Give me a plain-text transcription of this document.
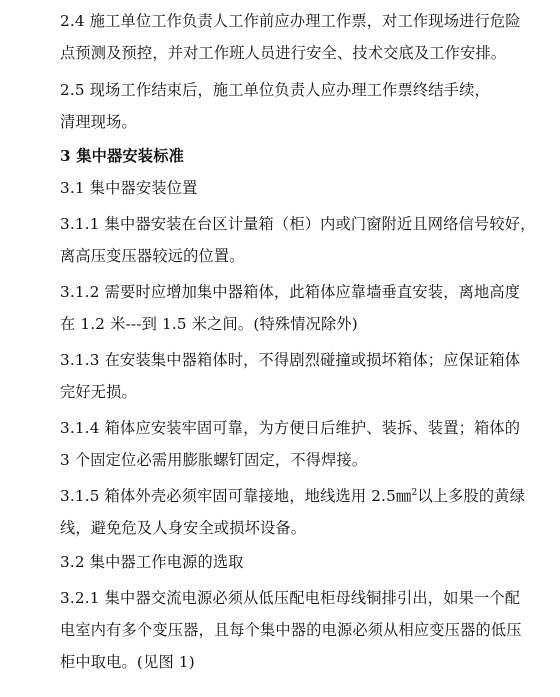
2.4 施工单位工作负责人工作前应办理工作票，对工作现场进行危险
点预测及预控，并对工作班人员进行安全、技术交底及工作安排。
2.5 现场工作结束后，施工单位负责人应办理工作票终结手续，
清理现场。
3 集中器安装标准
3.1 集中器安装位置
3.1.1 集中器安装在台区计量箱（柜）内或门窗附近且网络信号较好，
离高压变压器较远的位置。
3.1.2 需要时应增加集中器箱体，此箱体应靠墙垂直安装，离地高度
在 1.2 米---到 1.5 米之间。(特殊情况除外)
3.1.3 在安装集中器箱体时，不得剧烈碰撞或损坏箱体；应保证箱体
完好无损。
3.1.4 箱体应安装牢固可靠，为方便日后维护、装拆、装置；箱体的
3 个固定位必需用膨胀螺钉固定，不得焊接。
3.1.5 箱体外壳必须牢固可靠接地，地线选用 2.5㎜$^2$以上多股的黄绿
线，避免危及人身安全或损坏设备。
3.2 集中器工作电源的选取
3.2.1 集中器交流电源必须从低压配电柜母线铜排引出，如果一个配
电室内有多个变压器，且每个集中器的电源必须从相应变压器的低压
柜中取电。(见图 1)
